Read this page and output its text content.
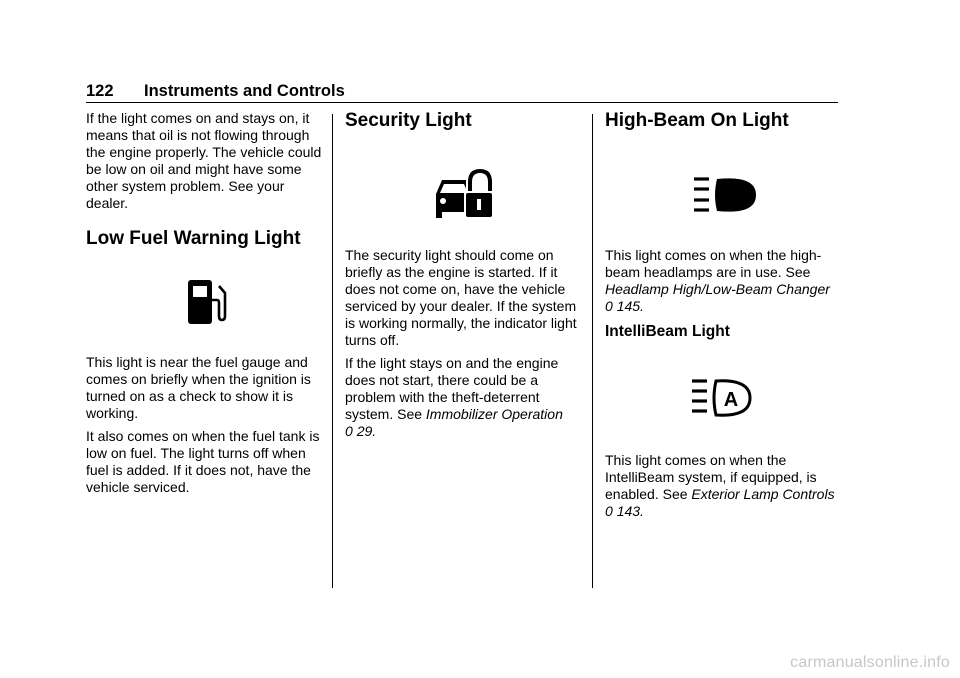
122 Instruments and Controls

If the light comes on and stays on, it means that oil is not flowing through the engine properly. The vehicle could be low on oil and might have some other system problem. See your dealer.

Low Fuel Warning Light

This light is near the fuel gauge and comes on briefly when the ignition is turned on as a check to show it is working.

It also comes on when the fuel tank is low on fuel. The light turns off when fuel is added. If it does not, have the vehicle serviced.

Security Light

The security light should come on briefly as the engine is started. If it does not come on, have the vehicle serviced by your dealer. If the system is working normally, the indicator light turns off.

If the light stays on and the engine does not start, there could be a problem with the theft-deterrent system. See Immobilizer Operation
0 29.

High-Beam On Light

This light comes on when the high-beam headlamps are in use. See Headlamp High/Low-Beam Changer 0 145.

IntelliBeam Light
A

This light comes on when the IntelliBeam system, if equipped, is enabled. See Exterior Lamp Controls 0 143.

carmanualsonline.info
